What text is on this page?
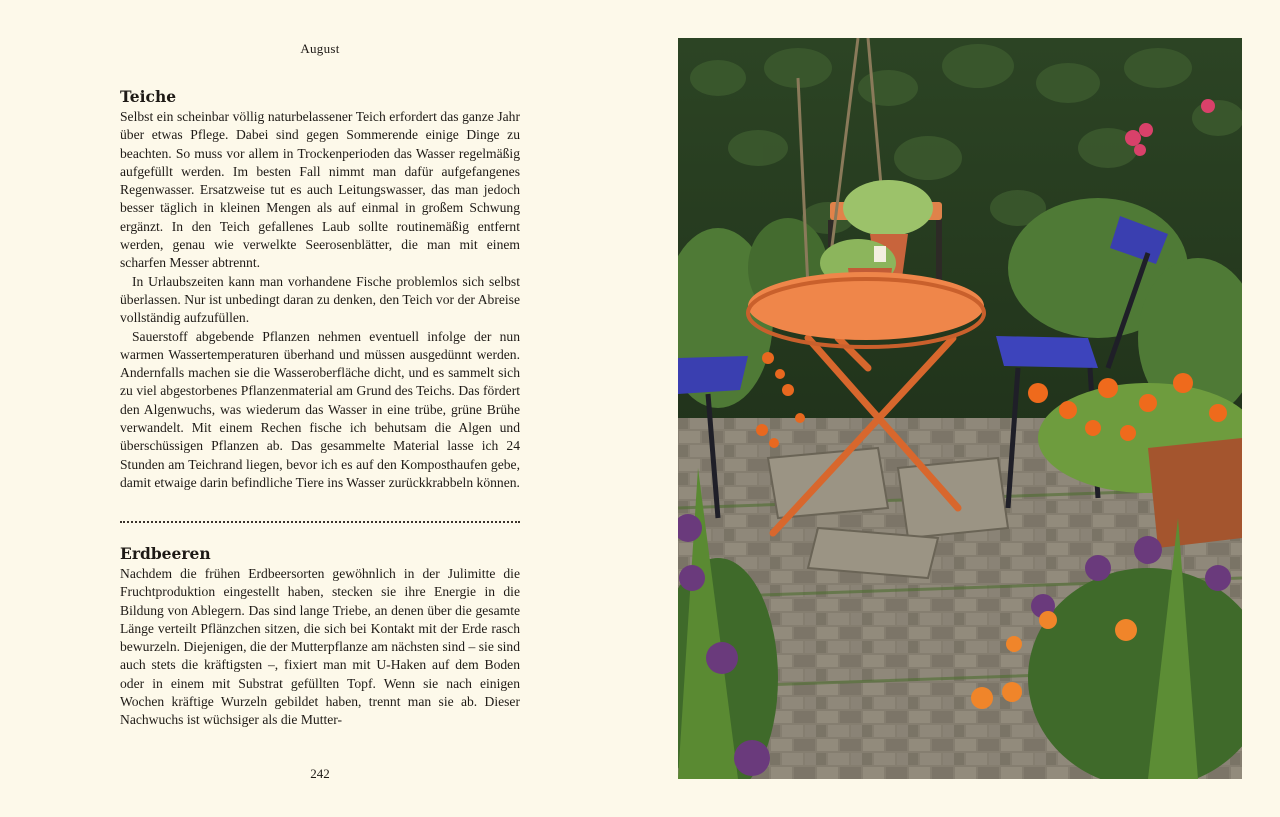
August
Teiche

Selbst ein scheinbar völlig naturbelassener Teich erfordert das ganze Jahr über etwas Pflege. Dabei sind gegen Sommerende einige Dinge zu beachten. So muss vor allem in Trockenperioden das Wasser regelmäßig aufgefüllt werden. Im besten Fall nimmt man dafür aufgefangenes Regenwasser. Ersatzweise tut es auch Leitungswasser, das man jedoch besser täglich in kleinen Mengen als auf einmal in großem Schwung ergänzt. In den Teich gefallenes Laub sollte routinemäßig entfernt werden, genau wie verwelkte Seerosenblätter, die man mit einem scharfen Messer abtrennt.

In Urlaubszeiten kann man vorhandene Fische problemlos sich selbst überlassen. Nur ist unbedingt daran zu denken, den Teich vor der Abreise vollständig aufzufüllen.

Sauerstoff abgebende Pflanzen nehmen eventuell infolge der nun warmen Wassertemperaturen überhand und müssen ausgedünnt werden. Andernfalls machen sie die Wasseroberfläche dicht, und es sammelt sich zu viel abgestorbenes Pflanzenmaterial am Grund des Teichs. Das fördert den Algenwuchs, was wiederum das Wasser in eine trübe, grüne Brühe verwandelt. Mit einem Rechen fische ich behutsam die Algen und überschüssigen Pflanzen ab. Das gesammelte Material lasse ich 24 Stunden am Teichrand liegen, bevor ich es auf den Komposthaufen gebe, damit etwaige darin befindliche Tiere ins Wasser zurückkrabbeln können.

Erdbeeren

Nachdem die frühen Erdbeersorten gewöhnlich in der Julimitte die Fruchtproduktion eingestellt haben, stecken sie ihre Energie in die Bildung von Ablegern. Das sind lange Triebe, an denen über die gesamte Länge verteilt Pflänzchen sitzen, die sich bei Kontakt mit der Erde rasch bewurzeln. Diejenigen, die der Mutterpflanze am nächsten sind – sie sind auch stets die kräftigsten –, fixiert man mit U-Haken auf dem Boden oder in einem mit Substrat gefüllten Topf. Wenn sie nach einigen Wochen kräftige Wurzeln gebildet haben, trennt man sie ab. Dieser Nachwuchs ist wüchsiger als die Mutter-

242
